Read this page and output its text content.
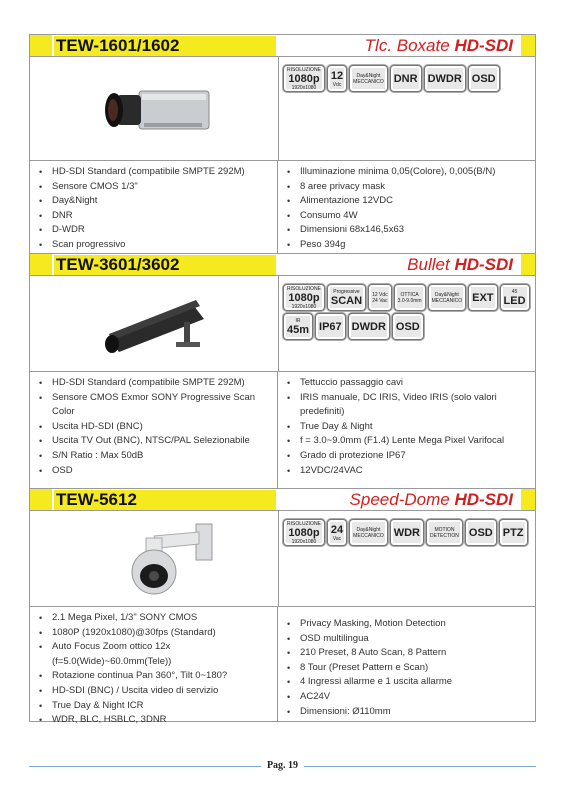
TEW-1601/1602	Tlc. Boxate HD-SDI
RISOLUZIONE
1080p
1920x1080
12
Vdc
Day&Night
MECCANICO DNR DWDR OSD
• HD-SDI Standard (compatibile SMPTE 292M)
• Sensore CMOS 1/3"
• Day&Night
• DNR
• D-WDR
• Scan progressivo
• Illuminazione minima 0,05(Colore), 0,005(B/N)
• 8 aree privacy mask
• Alimentazione 12VDC
• Consumo 4W
• Dimensioni 68x146,5x63
• Peso 394g
TEW-3601/3602	Bullet HD-SDI
RISOLUZIONE
1080p
1920x1080
Progressive
SCAN 12 Vdc
24 Vac
OTTICA
3.0-9.0mm
Day&Night
MECCANICO EXT	45
LED
IR
45m IP67 DWDR OSD
• HD-SDI Standard (compatibile SMPTE 292M)
• Sensore CMOS Exmor SONY Progressive Scan Color
• Uscita HD-SDI (BNC)
• Uscita TV Out (BNC), NTSC/PAL Selezionabile
• S/N Ratio : Max 50dB
• OSD
• Tettuccio passaggio cavi
• IRIS manuale, DC IRIS, Video IRIS (solo valori predefiniti)
• True Day & Night
• f = 3.0~9.0mm (F1.4) Lente Mega Pixel Varifocal
• Grado di protezione IP67
• 12VDC/24VAC
TEW-5612	Speed-Dome HD-SDI
RISOLUZIONE
1080p
1920x1080
24
Vac
Day&Night
MECCANICO WDR	MOTION
DETECTION OSD PTZ
• 2.1 Mega Pixel, 1/3" SONY CMOS
• 1080P (1920x1080)@30fps (Standard)
• Auto Focus Zoom ottico 12x (f=5.0(Wide)~60.0mm(Tele))
• Rotazione continua Pan 360°, Tilt 0~180?
• HD-SDI (BNC) / Uscita video di servizio
• True Day & Night ICR
• WDR, BLC, HSBLC, 3DNR
• Privacy Masking, Motion Detection
• OSD multilingua
• 210 Preset, 8 Auto Scan, 8 Pattern
• 8 Tour (Preset Pattern e Scan)
• 4 Ingressi allarme e 1 uscita allarme
• AC24V
• Dimensioni: Ø110mm
Pag. 19
